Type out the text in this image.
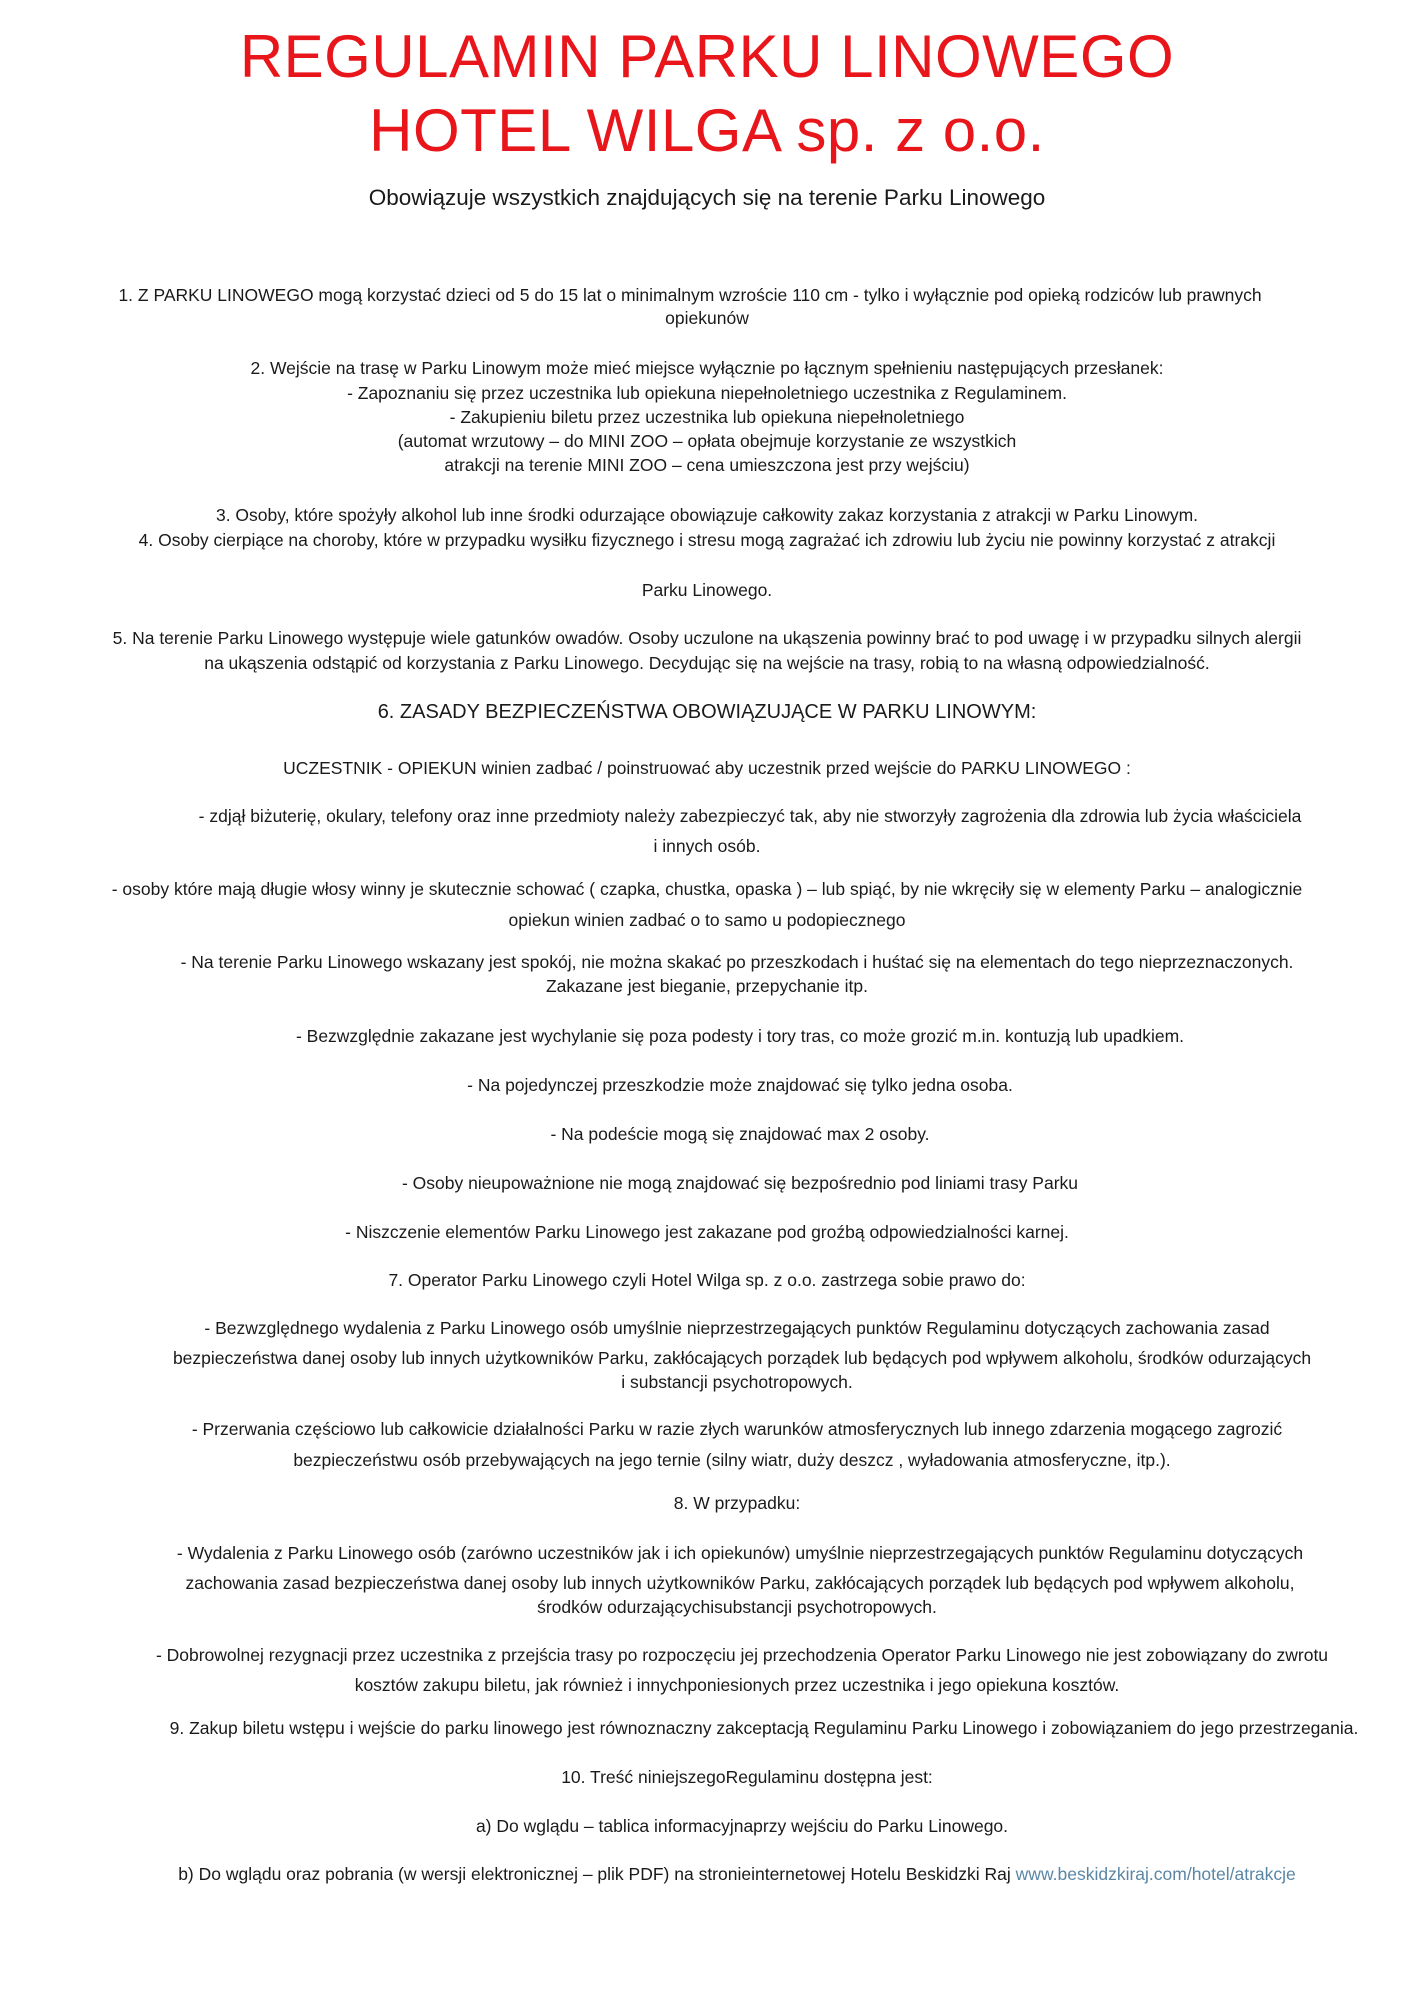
REGULAMIN PARKU LINOWEGO
HOTEL WILGA sp. z o.o.

Obowiązuje wszystkich znajdujących się na terenie Parku Linowego

1. Z PARKU LINOWEGO mogą korzystać dzieci od 5 do 15 lat o minimalnym wzroście 110 cm - tylko i wyłącznie pod opieką rodziców lub prawnych

opiekunów

2. Wejście na trasę w Parku Linowym może mieć miejsce wyłącznie po łącznym spełnieniu następujących przesłanek:

- Zapoznaniu się przez uczestnika lub opiekuna niepełnoletniego uczestnika z Regulaminem.

- Zakupieniu biletu przez uczestnika lub opiekuna niepełnoletniego

(automat wrzutowy – do MINI ZOO – opłata obejmuje korzystanie ze wszystkich

atrakcji na terenie MINI ZOO – cena umieszczona jest przy wejściu)

3. Osoby, które spożyły alkohol lub inne środki odurzające obowiązuje całkowity zakaz korzystania z atrakcji w Parku Linowym.

4. Osoby cierpiące na choroby, które w przypadku wysiłku fizycznego i stresu mogą zagrażać ich zdrowiu lub życiu nie powinny korzystać z atrakcji

Parku Linowego.

5. Na terenie Parku Linowego występuje wiele gatunków owadów. Osoby uczulone na ukąszenia powinny brać to pod uwagę i w przypadku silnych alergii

na ukąszenia odstąpić od korzystania z Parku Linowego. Decydując się na wejście na trasy, robią to na własną odpowiedzialność.

6. ZASADY BEZPIECZEŃSTWA OBOWIĄZUJĄCE W PARKU LINOWYM:

UCZESTNIK - OPIEKUN winien zadbać / poinstruować aby uczestnik przed wejście do PARKU LINOWEGO :

- zdjął biżuterię, okulary, telefony oraz inne przedmioty należy zabezpieczyć tak, aby nie stworzyły zagrożenia dla zdrowia lub życia właściciela

i innych osób.

- osoby które mają długie włosy winny je skutecznie schować ( czapka, chustka, opaska ) – lub spiąć, by nie wkręciły się w elementy Parku – analogicznie

opiekun winien zadbać o to samo u podopiecznego

- Na terenie Parku Linowego wskazany jest spokój, nie można skakać po przeszkodach i huśtać się na elementach do tego nieprzeznaczonych.

Zakazane jest bieganie, przepychanie itp.

- Bezwzględnie zakazane jest wychylanie się poza podesty i tory tras, co może grozić m.in. kontuzją lub upadkiem.

- Na pojedynczej przeszkodzie może znajdować się tylko jedna osoba.

- Na podeście mogą się znajdować max 2 osoby.

- Osoby nieupoważnione nie mogą znajdować się bezpośrednio pod liniami trasy Parku

- Niszczenie elementów Parku Linowego jest zakazane pod groźbą odpowiedzialności karnej.

7. Operator Parku Linowego czyli Hotel Wilga sp. z o.o. zastrzega sobie prawo do:

- Bezwzględnego wydalenia z Parku Linowego osób umyślnie nieprzestrzegających punktów Regulaminu dotyczących zachowania zasad

bezpieczeństwa danej osoby lub innych użytkowników Parku, zakłócających porządek lub będących pod wpływem alkoholu, środków odurzających

i substancji psychotropowych.

- Przerwania częściowo lub całkowicie działalności Parku w razie złych warunków atmosferycznych lub innego zdarzenia mogącego zagrozić

bezpieczeństwu osób przebywających na jego ternie (silny wiatr, duży deszcz , wyładowania atmosferyczne, itp.).

8. W przypadku:

- Wydalenia z Parku Linowego osób (zarówno uczestników jak i ich opiekunów) umyślnie nieprzestrzegających punktów Regulaminu dotyczących

zachowania zasad bezpieczeństwa danej osoby lub innych użytkowników Parku, zakłócających porządek lub będących pod wpływem alkoholu,

środków odurzającychisubstancji psychotropowych.

- Dobrowolnej rezygnacji przez uczestnika z przejścia trasy po rozpoczęciu jej przechodzenia Operator Parku Linowego nie jest zobowiązany do zwrotu

kosztów zakupu biletu, jak również i innychponiesionych przez uczestnika i jego opiekuna kosztów.

9. Zakup biletu wstępu i wejście do parku linowego jest równoznaczny zakceptacją Regulaminu Parku Linowego i zobowiązaniem do jego przestrzegania.

10. Treść niniejszegoRegulaminu dostępna jest:

a) Do wglądu – tablica informacyjnaprzy wejściu do Parku Linowego.

b) Do wglądu oraz pobrania (w wersji elektronicznej – plik PDF) na stronieinternetowej Hotelu Beskidzki Raj www.beskidzkiraj.com/hotel/atrakcje
